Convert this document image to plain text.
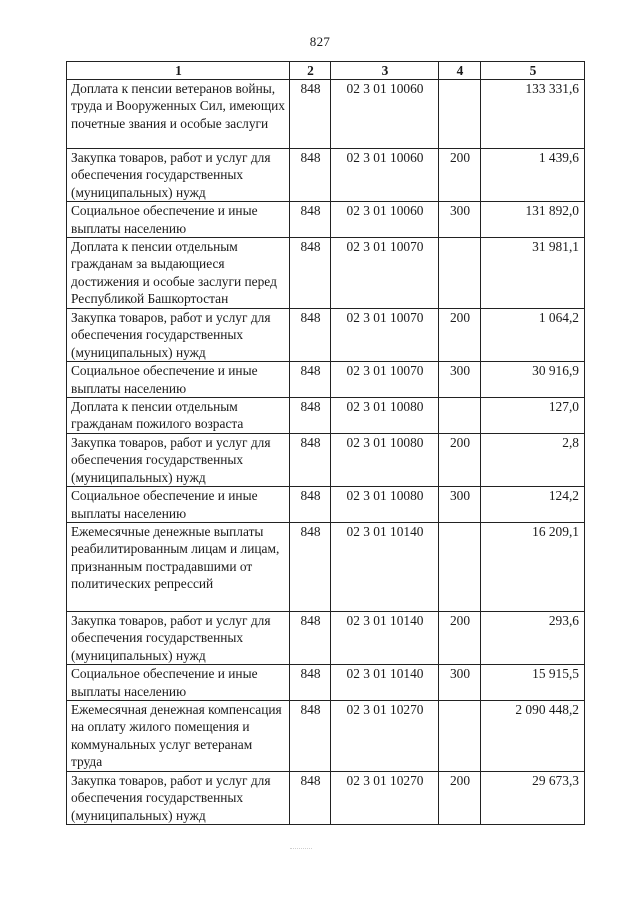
827
1	2	3	4	5
Доплата к пенсии ветеранов войны, труда и Вооруженных Сил, имеющих почетные звания и особые заслуги	848	02 3 01 10060		133 331,6
Закупка товаров, работ и услуг для обеспечения государственных (муниципальных) нужд	848	02 3 01 10060	200	1 439,6
Социальное обеспечение и иные выплаты населению	848	02 3 01 10060	300	131 892,0
Доплата к пенсии отдельным гражданам за выдающиеся достижения и особые заслуги перед Республикой Башкортостан	848	02 3 01 10070		31 981,1
Закупка товаров, работ и услуг для обеспечения государственных (муниципальных) нужд	848	02 3 01 10070	200	1 064,2
Социальное обеспечение и иные выплаты населению	848	02 3 01 10070	300	30 916,9
Доплата к пенсии отдельным гражданам пожилого возраста	848	02 3 01 10080		127,0
Закупка товаров, работ и услуг для обеспечения государственных (муниципальных) нужд	848	02 3 01 10080	200	2,8
Социальное обеспечение и иные выплаты населению	848	02 3 01 10080	300	124,2
Ежемесячные денежные выплаты реабилитированным лицам и лицам, признанным пострадавшими от политических репрессий	848	02 3 01 10140		16 209,1
Закупка товаров, работ и услуг для обеспечения государственных (муниципальных) нужд	848	02 3 01 10140	200	293,6
Социальное обеспечение и иные выплаты населению	848	02 3 01 10140	300	15 915,5
Ежемесячная денежная компенсация на оплату жилого помещения и коммунальных услуг ветеранам труда	848	02 3 01 10270		2 090 448,2
Закупка товаров, работ и услуг для обеспечения государственных (муниципальных) нужд	848	02 3 01 10270	200	29 673,3
